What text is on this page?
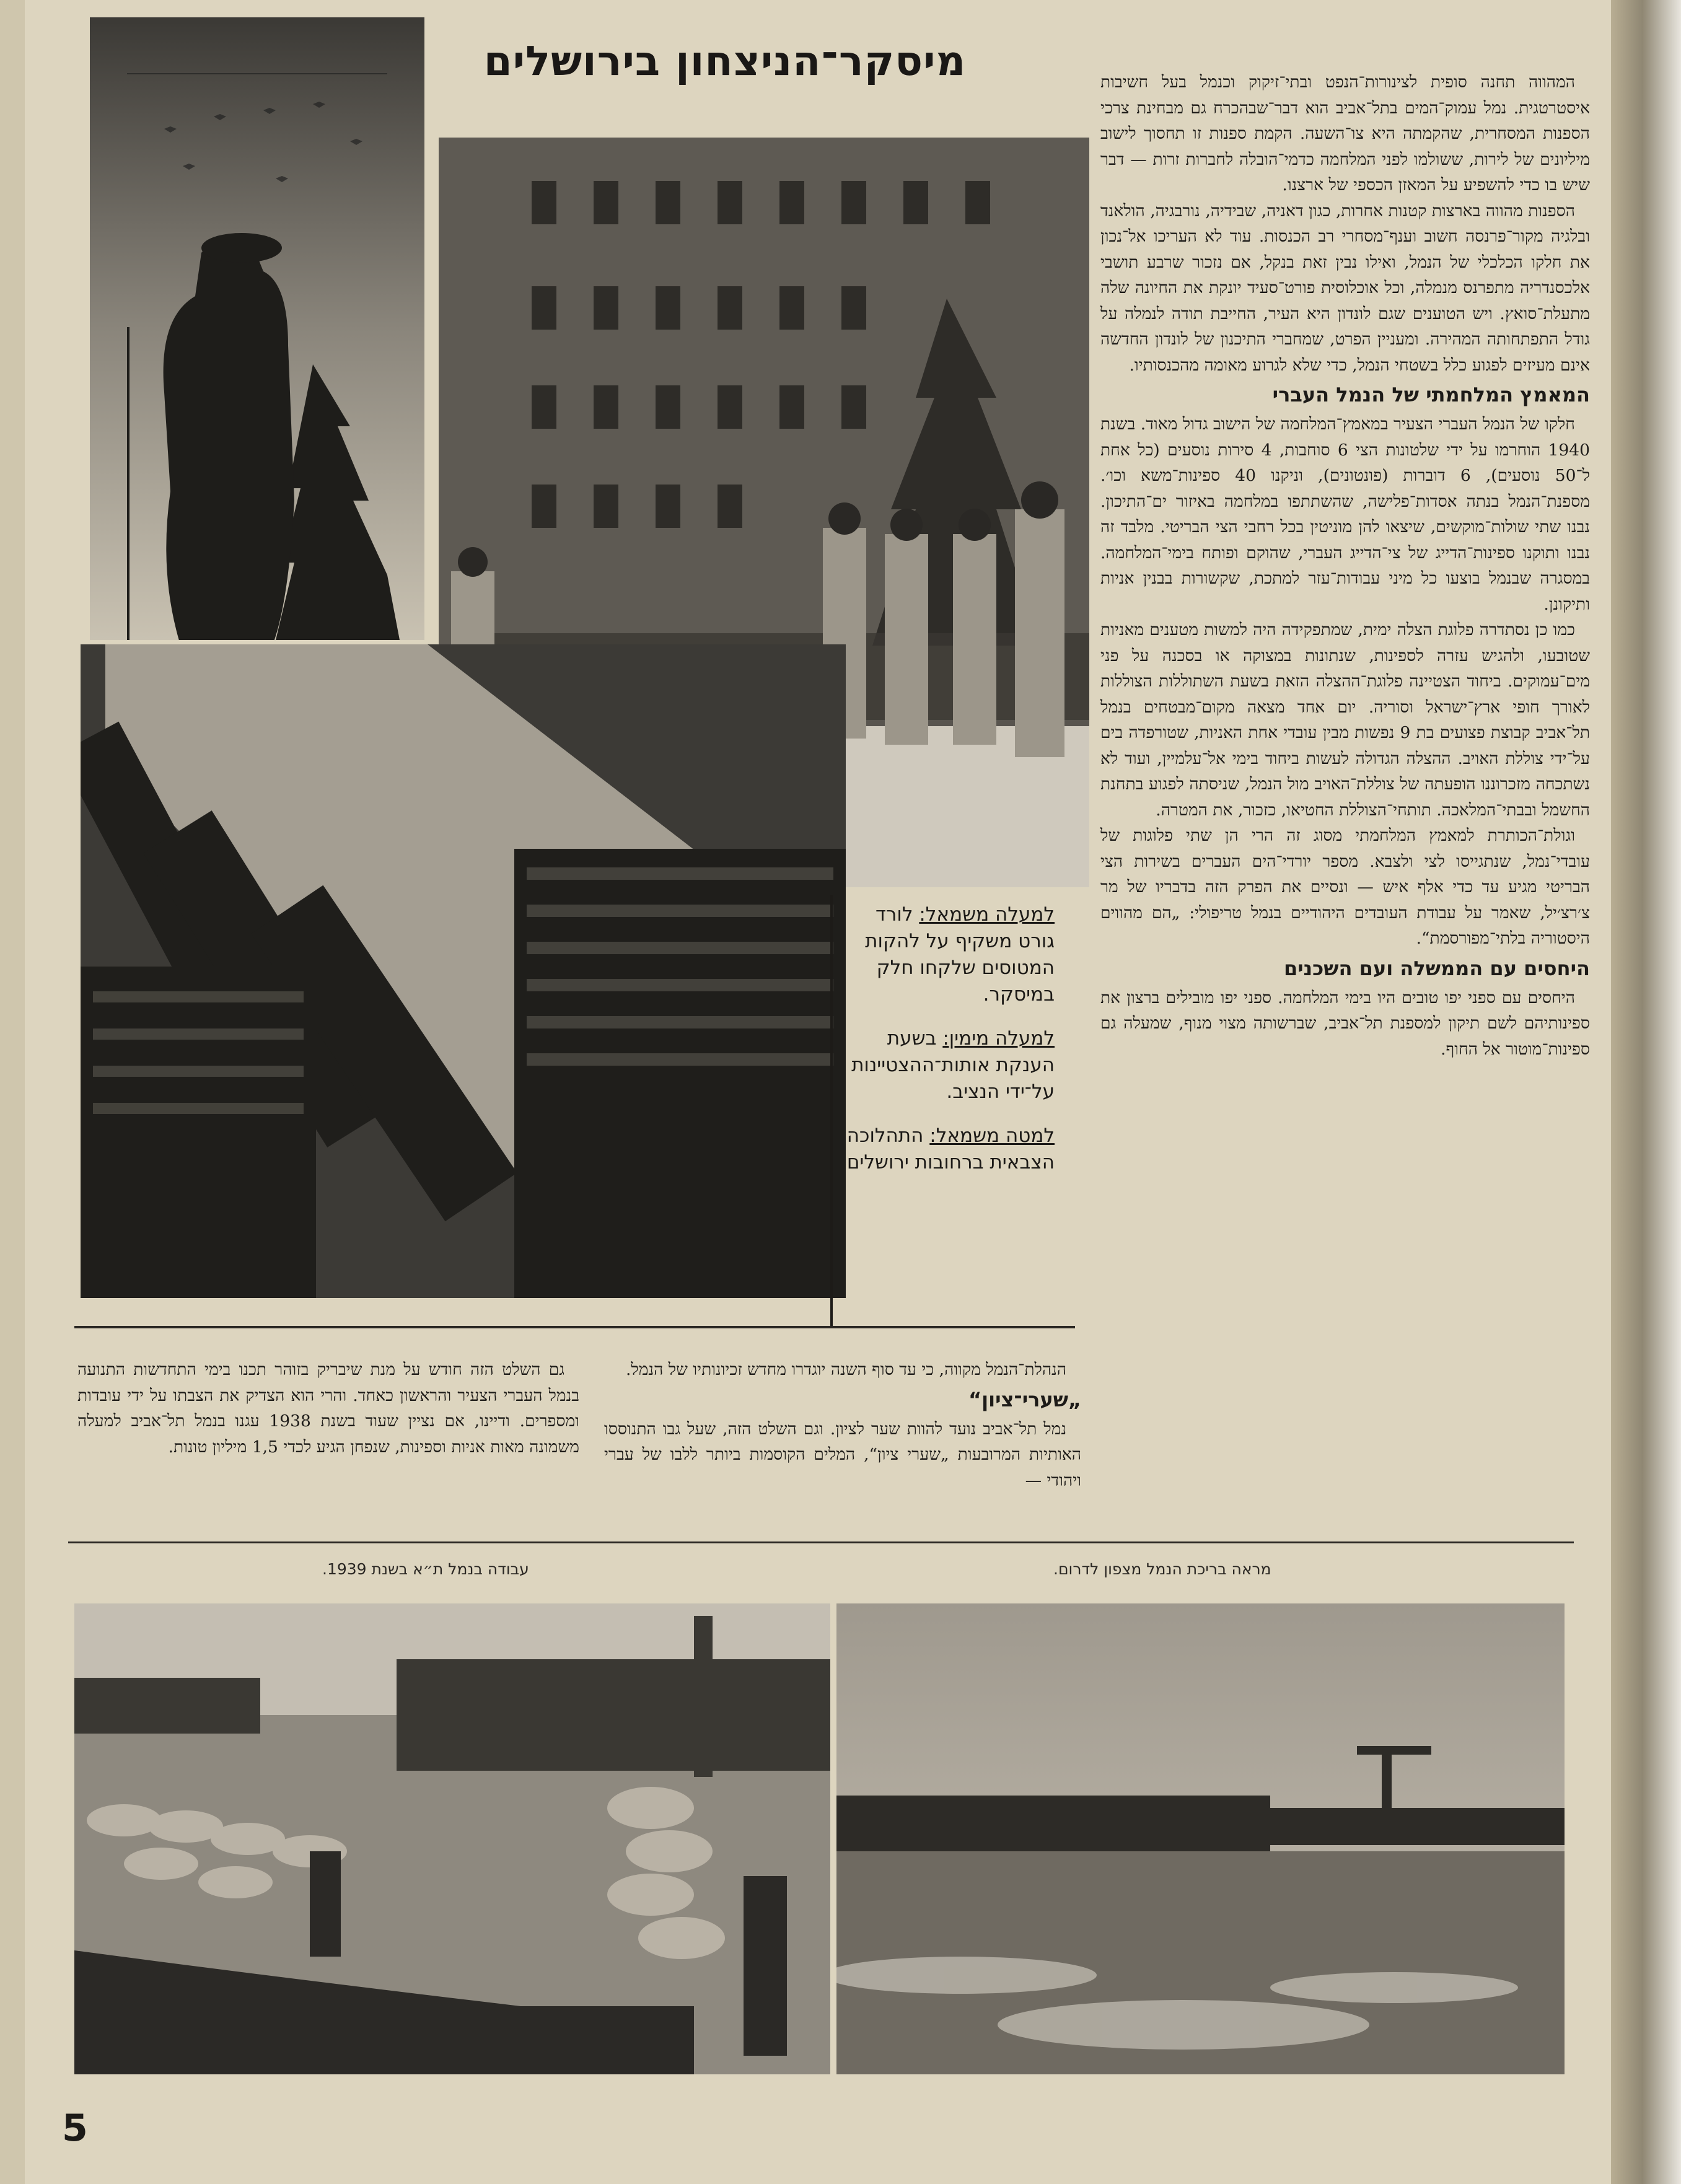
מיסקר־הניצחון בירושלים

למעלה משמאל: לורד גורט משקיף על להקות המטוסים שלקחו חלק במיסקר.

למעלה מימין: בשעת הענקת אותות־ההצטיינות על־ידי הנציב.

למטה משמאל: התהלוכה הצבאית ברחובות ירושלים

המהווה תחנה סופית לצינורות־הנפט ובתי־זיקוק וכנמל בעל חשיבות איסטרטגית. נמל עמוק־המים בתל־אביב הוא דבר־שבהכרח גם מבחינת צרכי הספנות המסחרית, שהקמתה היא צו־השעה. הקמת ספנות זו תחסוך לישוב מיליונים של לירות, ששולמו לפני המלחמה כדמי־הובלה לחברות זרות — דבר שיש בו כדי להשפיע על המאזן הכספי של ארצנו.

הספנות מהווה בארצות קטנות אחרות, כגון דאניה, שבידיה, נורבגיה, הולאנד ובלגיה מקור־פרנסה חשוב וענף־מסחרי רב הכנסות. עוד לא העריכו אל־נכון את חלקו הכלכלי של הנמל, ואילו נבין זאת בנקל, אם נזכור שרבע תושבי אלכסנדריה מתפרנס מנמלה, וכל אוכלוסית פורט־סעיד יונקת את החיונה שלה מתעלת־סואץ. ויש הטוענים שגם לונדון היא העיר, החייבת תודה לנמלה על גודל התפתחותה המהירה. ומעניין הפרט, שמחברי התיכנון של לונדון החדשה אינם מעיזים לפגוע כלל בשטחי הנמל, כדי שלא לגרוע מאומה מהכנסותיו.

המאמץ המלחמתי של הנמל העברי

חלקו של הנמל העברי הצעיר במאמץ־המלחמה של הישוב גדול מאוד. בשנת 1940 הוחרמו על ידי שלטונות הצי 6 סוחבות, 4 סירות נוסעים (כל אחת ל־50 נוסעים), 6 דוברות (פונטונים), וניקנו 40 ספינות־משא וכו׳. מספנת־הנמל בנתה אסדות־פלישה, שהשתתפו במלחמה באיזור ים־התיכון. נבנו שתי שולות־מוקשים, שיצאו להן מוניטין בכל רחבי הצי הבריטי. מלבד זה נבנו ותוקנו ספינות־הדייג של צי־הדייג העברי, שהוקם ופותח בימי־המלחמה. במסגרה שבנמל בוצעו כל מיני עבודות־עזר למתכת, שקשורות בבנין אניות ותיקונן.

כמו כן נסתדרה פלוגת הצלה ימית, שמתפקידה היה למשות מטענים מאניות שטובעו, ולהגיש עזרה לספינות, שנתונות במצוקה או בסכנה על פני מים־עמוקים. ביחוד הצטיינה פלוגת־ההצלה הזאת בשעת השתוללות הצוללות לאורך חופי ארץ־ישראל וסוריה. יום אחד מצאה מקום־מבטחים בנמל תל־אביב קבוצת פצועים בת 9 נפשות מבין עובדי אחת האניות, שטורפדה בים על־ידי צוללת האויב. ההצלה הגדולה לעשות ביחוד בימי אל־עלמיין, ועוד לא נשתכחה מזכרוננו הופעתה של צוללת־האויב מול הנמל, שניסתה לפגוע בתחנת החשמל ובבתי־המלאכה. תותחי־הצוללת החטיאו, כזכור, את המטרה.

וגולת־הכותרת למאמץ המלחמתי מסוג זה הרי הן שתי פלוגות של עובדי־נמל, שנתגייסו לצי ולצבא. מספר יורדי־הים העברים בשירות הצי הבריטי מגיע עד כדי אלף איש — ונסיים את הפרק הזה בדבריו של מר צ׳רצ׳יל, שאמר על עבודת העובדים היהודיים בנמל טריפולי: „הם מהווים היסטוריה בלתי־מפורסמת“.

היחסים עם הממשלה ועם השכנים

היחסים עם ספני יפו טובים היו בימי המלחמה. ספני יפו מובילים ברצון את ספינותיהם לשם תיקון למספנת תל־אביב, שברשותה מצוי מנוף, שמעלה גם ספינות־מוטור אל החוף.

הנהלת־הנמל מקווה, כי עד סוף השנה יוגדרו מחדש זכיונותיו של הנמל.

„שערי־ציון“

נמל תל־אביב נועד להוות שער לציון. וגם השלט הזה, שעל גבו התנוססו האותיות המרובעות „שערי ציון“, המלים הקוסמות ביותר ללבו של עברי ויהודי —

גם השלט הזה חודש על מנת שיבריק בזוהר תכנו בימי התחדשות התנועה בנמל העברי הצעיר והראשון כאחד. והרי הוא הצדיק את הצבתו על ידי עובדות ומספרים. ודיינו, אם נציין שעוד בשנת 1938 עגנו בנמל תל־אביב למעלה משמונה מאות אניות וספינות, שנפחן הגיע לכדי 1,5 מיליון טונות.

עבודה בנמל ת״א בשנת 1939.	מראה בריכת הנמל מצפון לדרום.
5
